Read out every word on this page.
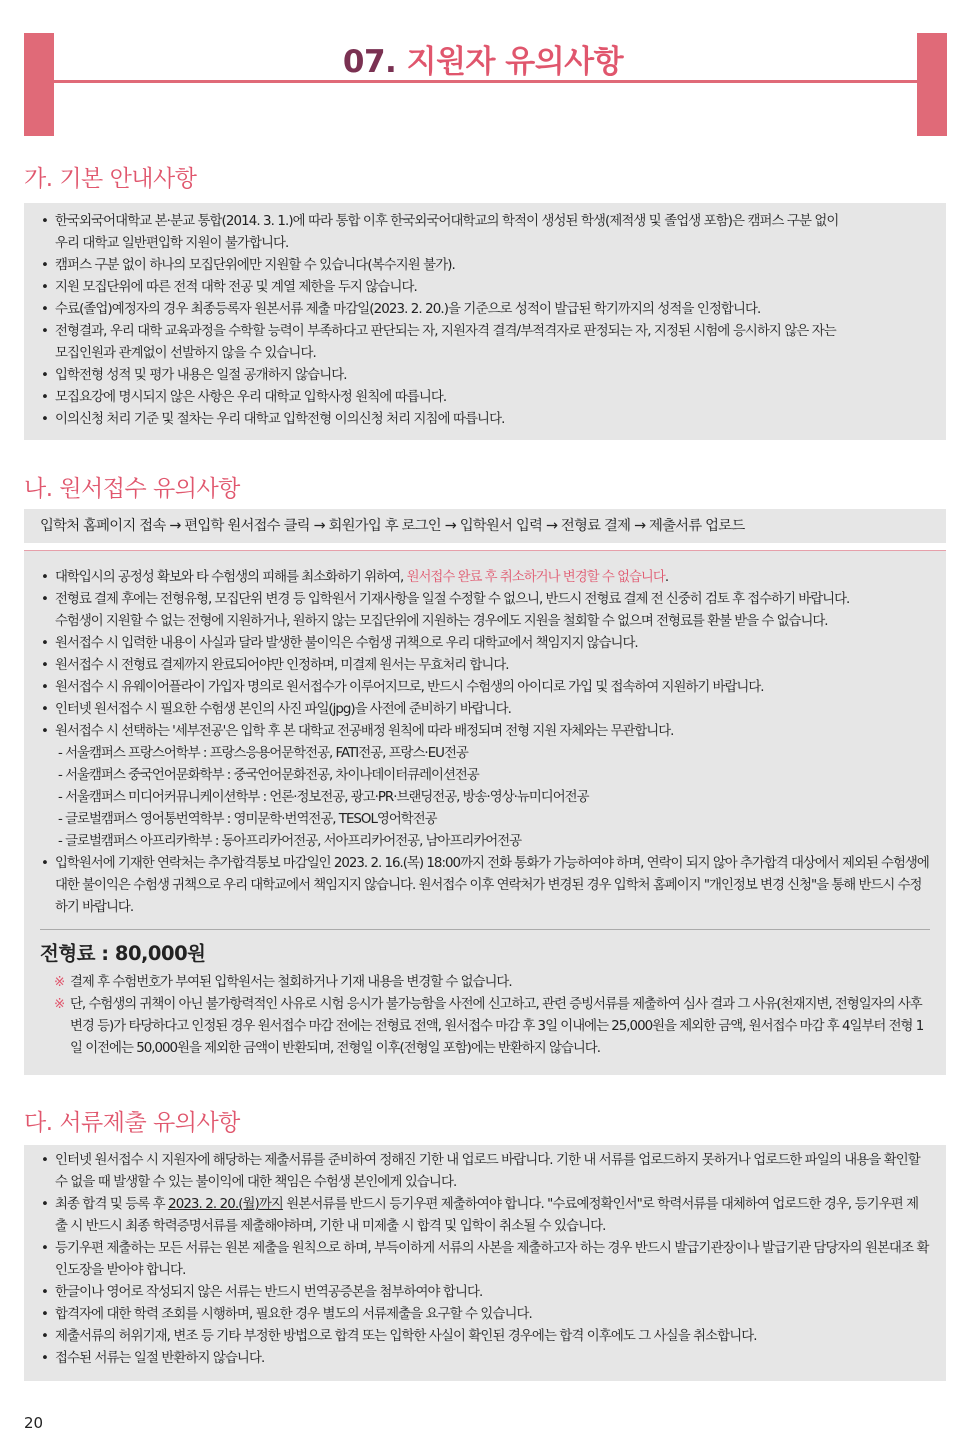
07. 지원자 유의사항
가. 기본 안내사항
• 한국외국어대학교 본·분교 통합(2014. 3. 1.)에 따라 통합 이후 한국외국어대학교의 학적이 생성된 학생(제적생 및 졸업생 포함)은 캠퍼스 구분 없이
우리 대학교 일반편입학 지원이 불가합니다.
• 캠퍼스 구분 없이 하나의 모집단위에만 지원할 수 있습니다(복수지원 불가).
• 지원 모집단위에 따른 전적 대학 전공 및 계열 제한을 두지 않습니다.
• 수료(졸업)예정자의 경우 최종등록자 원본서류 제출 마감일(2023. 2. 20.)을 기준으로 성적이 발급된 학기까지의 성적을 인정합니다.
• 전형결과, 우리 대학 교육과정을 수학할 능력이 부족하다고 판단되는 자, 지원자격 결격/부적격자로 판정되는 자, 지정된 시험에 응시하지 않은 자는
모집인원과 관계없이 선발하지 않을 수 있습니다.
• 입학전형 성적 및 평가 내용은 일절 공개하지 않습니다.
• 모집요강에 명시되지 않은 사항은 우리 대학교 입학사정 원칙에 따릅니다.
• 이의신청 처리 기준 및 절차는 우리 대학교 입학전형 이의신청 처리 지침에 따릅니다.
나. 원서접수 유의사항
입학처 홈페이지 접속 → 편입학 원서접수 클릭 → 회원가입 후 로그인 → 입학원서 입력 → 전형료 결제 → 제출서류 업로드
• 대학입시의 공정성 확보와 타 수험생의 피해를 최소화하기 위하여, 원서접수 완료 후 취소하거나 변경할 수 없습니다.
• 전형료 결제 후에는 전형유형, 모집단위 변경 등 입학원서 기재사항을 일절 수정할 수 없으니, 반드시 전형료 결제 전 신중히 검토 후 접수하기 바랍니다.
수험생이 지원할 수 없는 전형에 지원하거나, 원하지 않는 모집단위에 지원하는 경우에도 지원을 철회할 수 없으며 전형료를 환불 받을 수 없습니다.
• 원서접수 시 입력한 내용이 사실과 달라 발생한 불이익은 수험생 귀책으로 우리 대학교에서 책임지지 않습니다.
• 원서접수 시 전형료 결제까지 완료되어야만 인정하며, 미결제 원서는 무효처리 합니다.
• 원서접수 시 유웨이어플라이 가입자 명의로 원서접수가 이루어지므로, 반드시 수험생의 아이디로 가입 및 접속하여 지원하기 바랍니다.
• 인터넷 원서접수 시 필요한 수험생 본인의 사진 파일(jpg)을 사전에 준비하기 바랍니다.
• 원서접수 시 선택하는 '세부전공'은 입학 후 본 대학교 전공배정 원칙에 따라 배정되며 전형 지원 자체와는 무관합니다.
- 서울캠퍼스 프랑스어학부 : 프랑스응용어문학전공, FATI전공, 프랑스·EU전공
- 서울캠퍼스 중국언어문화학부 : 중국언어문화전공, 차이나데이터큐레이션전공
- 서울캠퍼스 미디어커뮤니케이션학부 : 언론·정보전공, 광고·PR·브랜딩전공, 방송·영상·뉴미디어전공
- 글로벌캠퍼스 영어통번역학부 : 영미문학·번역전공, TESOL영어학전공
- 글로벌캠퍼스 아프리카학부 : 동아프리카어전공, 서아프리카어전공, 남아프리카어전공
• 입학원서에 기재한 연락처는 추가합격통보 마감일인 2023. 2. 16.(목) 18:00까지 전화 통화가 가능하여야 하며, 연락이 되지 않아 추가합격 대상에서 제외된 수험생에 대한 불이익은 수험생 귀책으로 우리 대학교에서 책임지지 않습니다. 원서접수 이후 연락처가 변경된 경우 입학처 홈페이지 "개인정보 변경 신청"을 통해 반드시 수정하기 바랍니다.
전형료 : 80,000원
※ 결제 후 수험번호가 부여된 입학원서는 철회하거나 기재 내용을 변경할 수 없습니다.
※ 단, 수험생의 귀책이 아닌 불가항력적인 사유로 시험 응시가 불가능함을 사전에 신고하고, 관련 증빙서류를 제출하여 심사 결과 그 사유(천재지변, 전형일자의 사후 변경 등)가 타당하다고 인정된 경우 원서접수 마감 전에는 전형료 전액, 원서접수 마감 후 3일 이내에는 25,000원을 제외한 금액, 원서접수 마감 후 4일부터 전형 1일 이전에는 50,000원을 제외한 금액이 반환되며, 전형일 이후(전형일 포함)에는 반환하지 않습니다.
다. 서류제출 유의사항
• 인터넷 원서접수 시 지원자에 해당하는 제출서류를 준비하여 정해진 기한 내 업로드 바랍니다. 기한 내 서류를 업로드하지 못하거나 업로드한 파일의 내용을 확인할 수 없을 때 발생할 수 있는 불이익에 대한 책임은 수험생 본인에게 있습니다.
• 최종 합격 및 등록 후 2023. 2. 20.(월)까지 원본서류를 반드시 등기우편 제출하여야 합니다. "수료예정확인서"로 학력서류를 대체하여 업로드한 경우, 등기우편 제출 시 반드시 최종 학력증명서류를 제출해야하며, 기한 내 미제출 시 합격 및 입학이 취소될 수 있습니다.
• 등기우편 제출하는 모든 서류는 원본 제출을 원칙으로 하며, 부득이하게 서류의 사본을 제출하고자 하는 경우 반드시 발급기관장이나 발급기관 담당자의 원본대조 확인도장을 받아야 합니다.
• 한글이나 영어로 작성되지 않은 서류는 반드시 번역공증본을 첨부하여야 합니다.
• 합격자에 대한 학력 조회를 시행하며, 필요한 경우 별도의 서류제출을 요구할 수 있습니다.
• 제출서류의 허위기재, 변조 등 기타 부정한 방법으로 합격 또는 입학한 사실이 확인된 경우에는 합격 이후에도 그 사실을 취소합니다.
• 접수된 서류는 일절 반환하지 않습니다.
20
